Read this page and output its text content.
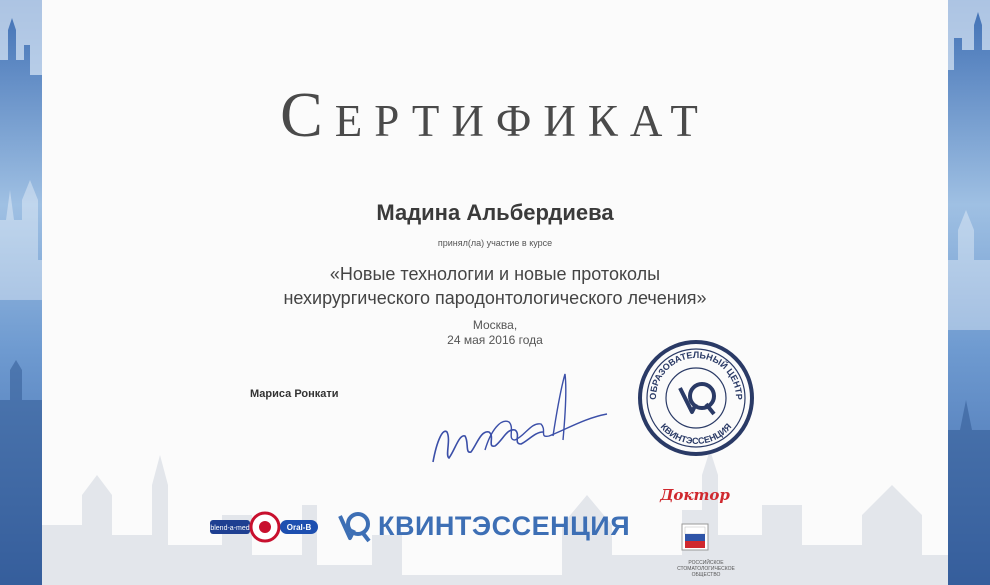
Сертификат
Мадина Альбердиева
принял(ла) участие в курсе
«Новые технологии и новые протоколы
нехирургического пародонтологического лечения»
Москва,
24 мая 2016 года
Мариса Ронкати	ОБРАЗОВАТЕЛЬНЫЙ ЦЕНТР
КВИНТЭССЕНЦИЯ
blend-a-med	Oral-B КВИНТЭССЕНЦИЯ
Доктор
РОССИЙСКОЕ СТОМАТОЛОГИЧЕСКОЕ ОБЩЕСТВО
